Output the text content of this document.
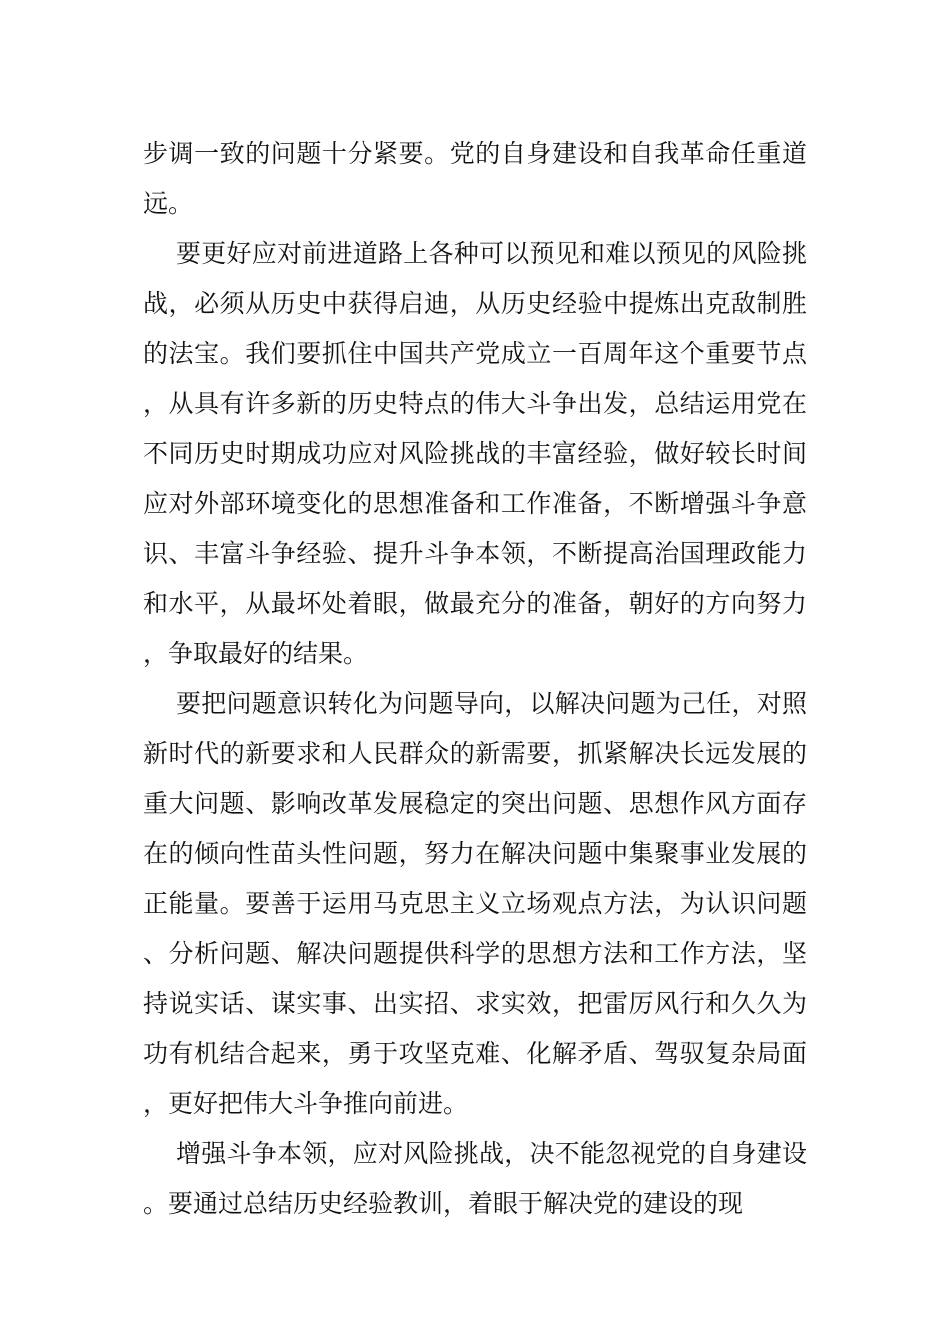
步调一致的问题十分紧要。党的自身建设和自我革命任重道远。

要更好应对前进道路上各种可以预见和难以预见的风险挑战，必须从历史中获得启迪，从历史经验中提炼出克敌制胜的法宝。我们要抓住中国共产党成立一百周年这个重要节点，从具有许多新的历史特点的伟大斗争出发，总结运用党在不同历史时期成功应对风险挑战的丰富经验，做好较长时间应对外部环境变化的思想准备和工作准备，不断增强斗争意识、丰富斗争经验、提升斗争本领，不断提高治国理政能力和水平，从最坏处着眼，做最充分的准备，朝好的方向努力，争取最好的结果。

要把问题意识转化为问题导向，以解决问题为己任，对照新时代的新要求和人民群众的新需要，抓紧解决长远发展的重大问题、影响改革发展稳定的突出问题、思想作风方面存在的倾向性苗头性问题，努力在解决问题中集聚事业发展的正能量。要善于运用马克思主义立场观点方法，为认识问题、分析问题、解决问题提供科学的思想方法和工作方法，坚持说实话、谋实事、出实招、求实效，把雷厉风行和久久为功有机结合起来，勇于攻坚克难、化解矛盾、驾驭复杂局面，更好把伟大斗争推向前进。

增强斗争本领，应对风险挑战，决不能忽视党的自身建设。要通过总结历史经验教训，着眼于解决党的建设的现
